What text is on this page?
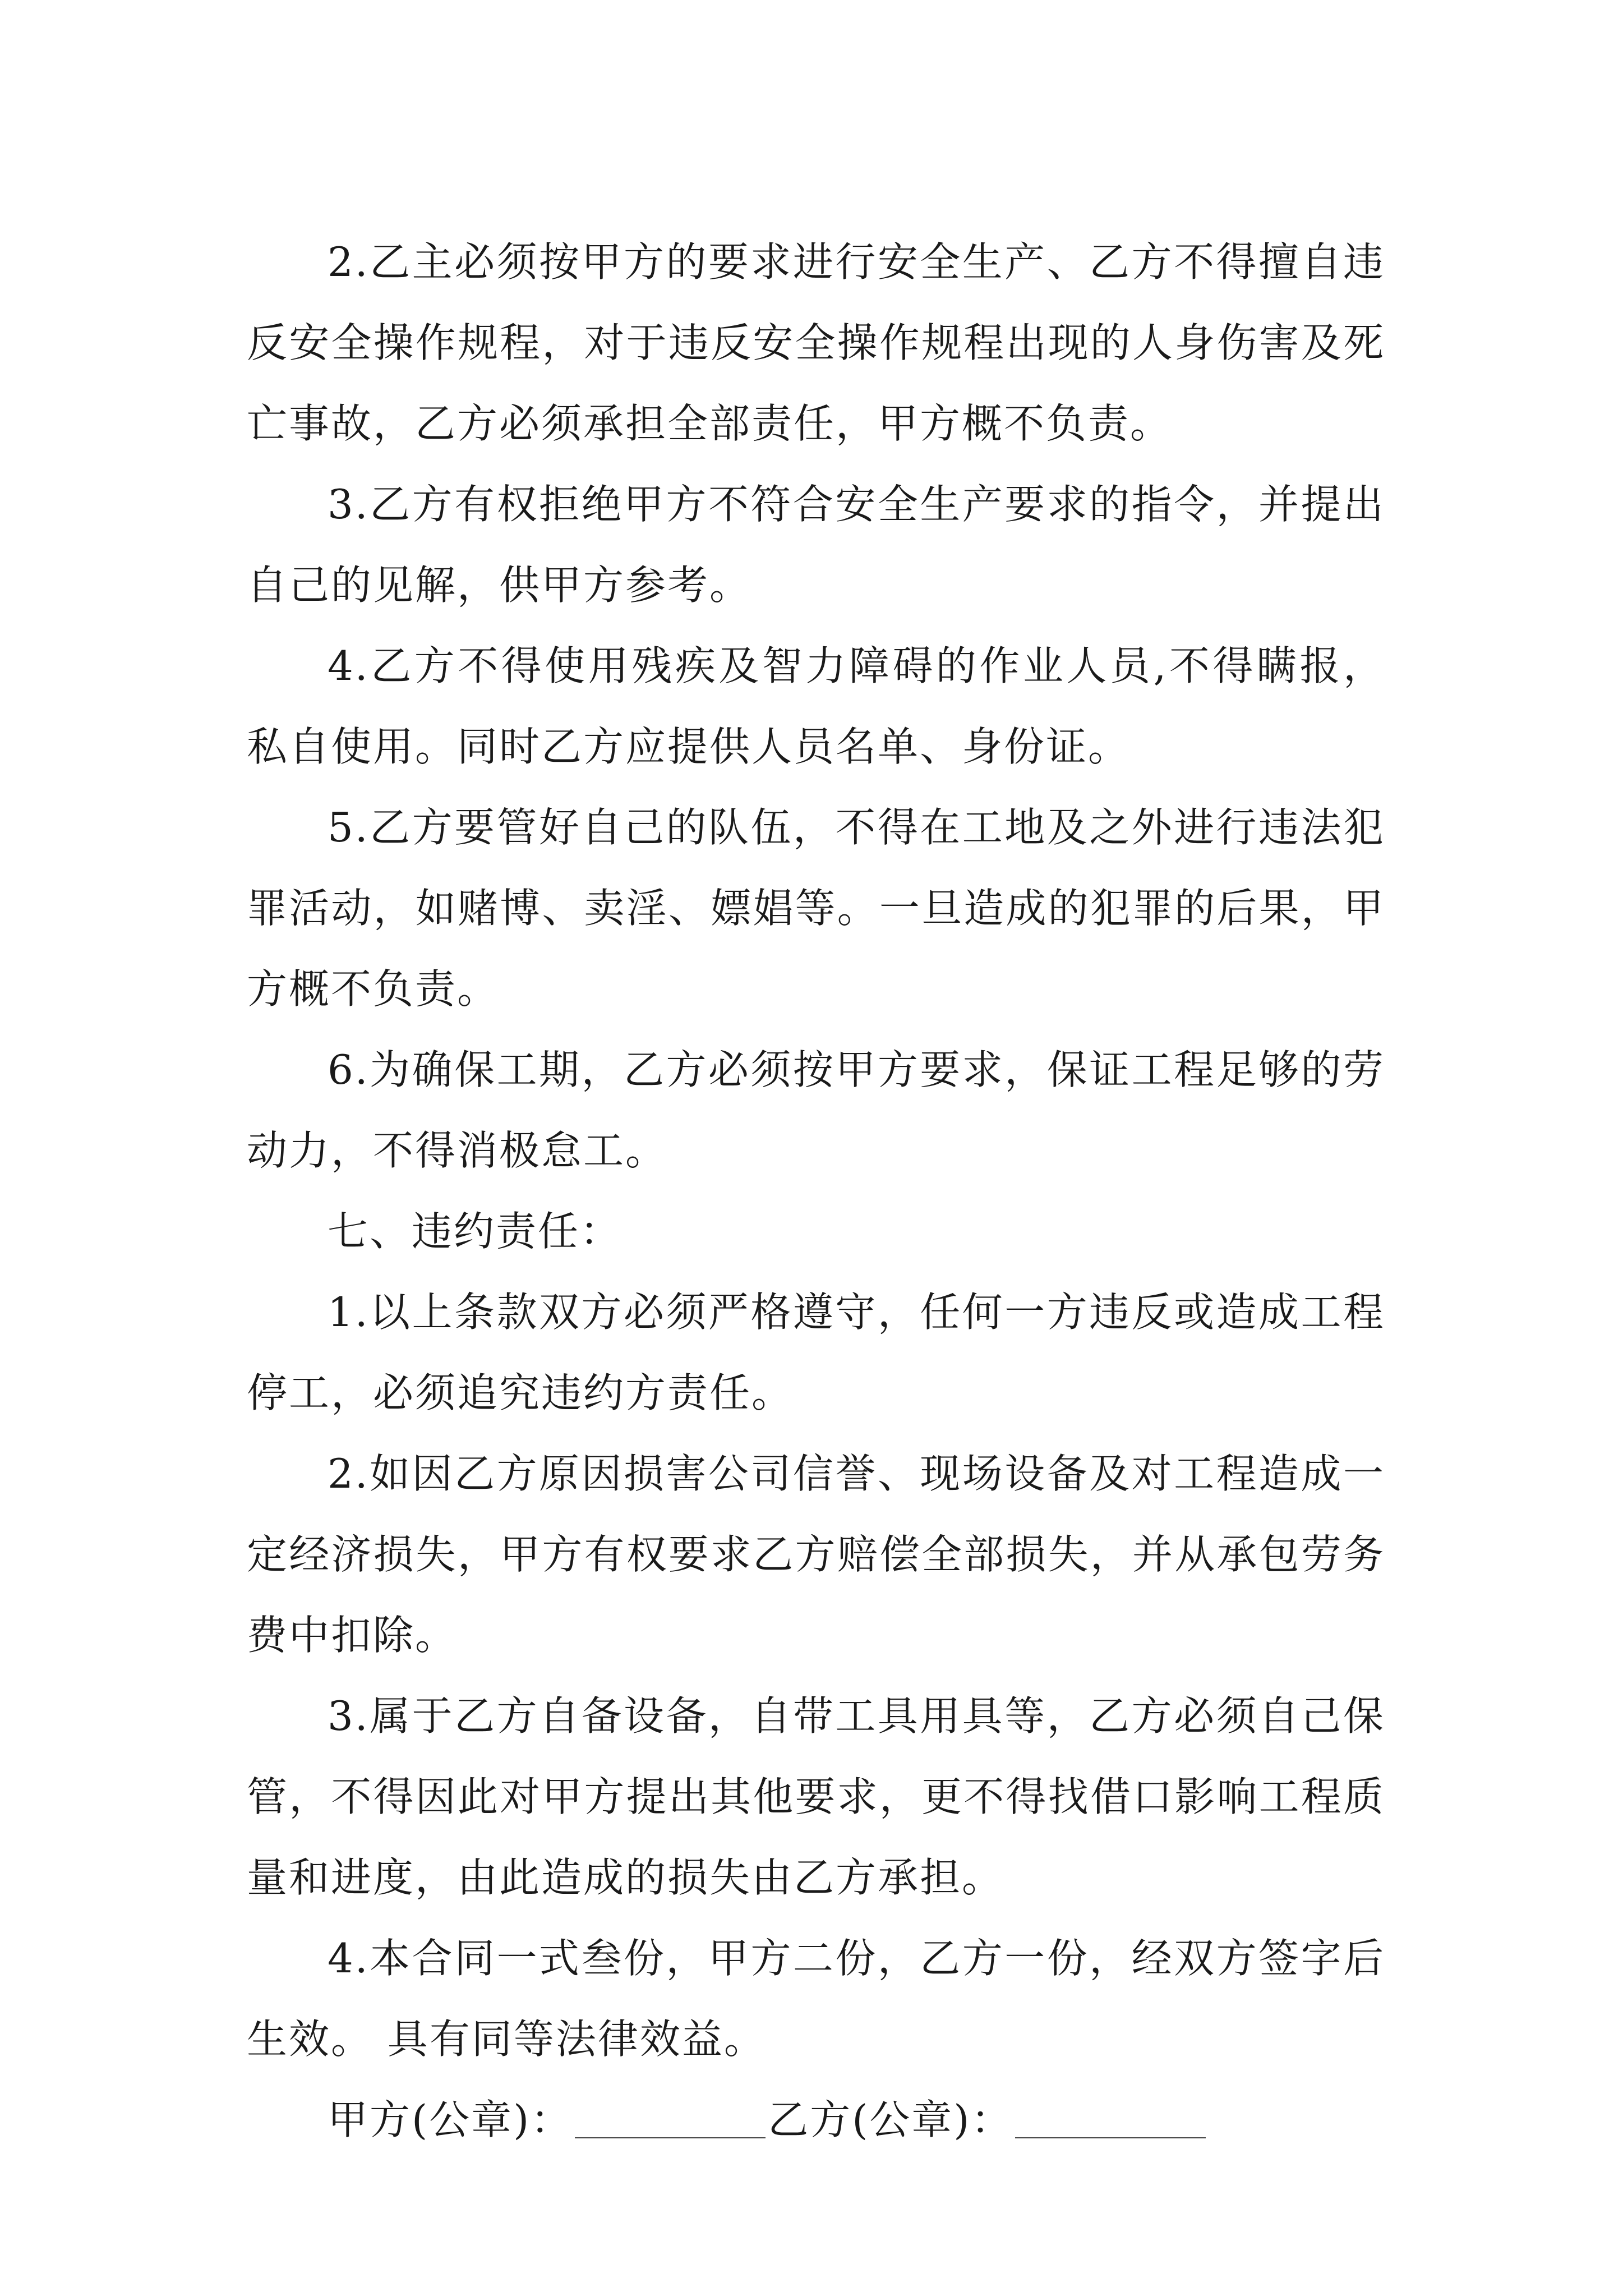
2.乙主必须按甲方的要求进行安全生产、乙方不得擅自违反安全操作规程，对于违反安全操作规程出现的人身伤害及死亡事故，乙方必须承担全部责任，甲方概不负责。

3.乙方有权拒绝甲方不符合安全生产要求的指令，并提出自己的见解，供甲方参考。

4.乙方不得使用残疾及智力障碍的作业人员,不得瞒报，私自使用。同时乙方应提供人员名单、身份证。

5.乙方要管好自己的队伍，不得在工地及之外进行违法犯罪活动，如赌博、卖淫、嫖娼等。一旦造成的犯罪的后果，甲方概不负责。

6.为确保工期，乙方必须按甲方要求，保证工程足够的劳动力，不得消极怠工。

七、违约责任：

1.以上条款双方必须严格遵守，任何一方违反或造成工程停工，必须追究违约方责任。

2.如因乙方原因损害公司信誉、现场设备及对工程造成一定经济损失，甲方有权要求乙方赔偿全部损失，并从承包劳务费中扣除。

3.属于乙方自备设备，自带工具用具等，乙方必须自己保管，不得因此对甲方提出其他要求，更不得找借口影响工程质量和进度，由此造成的损失由乙方承担。

4.本合同一式叁份，甲方二份，乙方一份，经双方签字后生效。 具有同等法律效益。

甲方(公章)：	乙方(公章)：
